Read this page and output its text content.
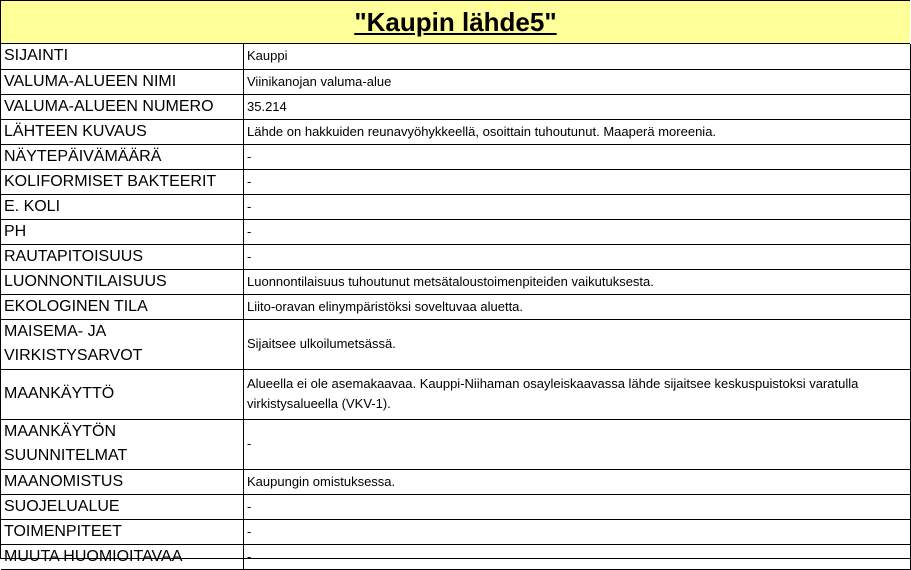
"Kaupin lähde5"
SIJAINTI	Kauppi
VALUMA-ALUEEN NIMI	Viinikanojan valuma-alue
VALUMA-ALUEEN NUMERO	35.214
LÄHTEEN KUVAUS	Lähde on hakkuiden reunavyöhykkeellä, osoittain tuhoutunut. Maaperä moreenia.
NÄYTEPÄIVÄMÄÄRÄ	-
KOLIFORMISET BAKTEERIT	-
E. KOLI	-
PH	-
RAUTAPITOISUUS	-
LUONNONTILAISUUS	Luonnontilaisuus tuhoutunut metsätaloustoimenpiteiden vaikutuksesta.
EKOLOGINEN TILA	Liito-oravan elinympäristöksi soveltuvaa aluetta.
MAISEMA- JA VIRKISTYSARVOT	Sijaitsee ulkoilumetsässä.
MAANKÄYTTÖ	Alueella ei ole asemakaavaa. Kauppi-Niihaman osayleiskaavassa lähde sijaitsee keskuspuistoksi varatulla virkistysalueella (VKV-1).
MAANKÄYTÖN SUUNNITELMAT	-
MAANOMISTUS	Kaupungin omistuksessa.
SUOJELUALUE	-
TOIMENPITEET	-
MUUTA HUOMIOITAVAA	-
